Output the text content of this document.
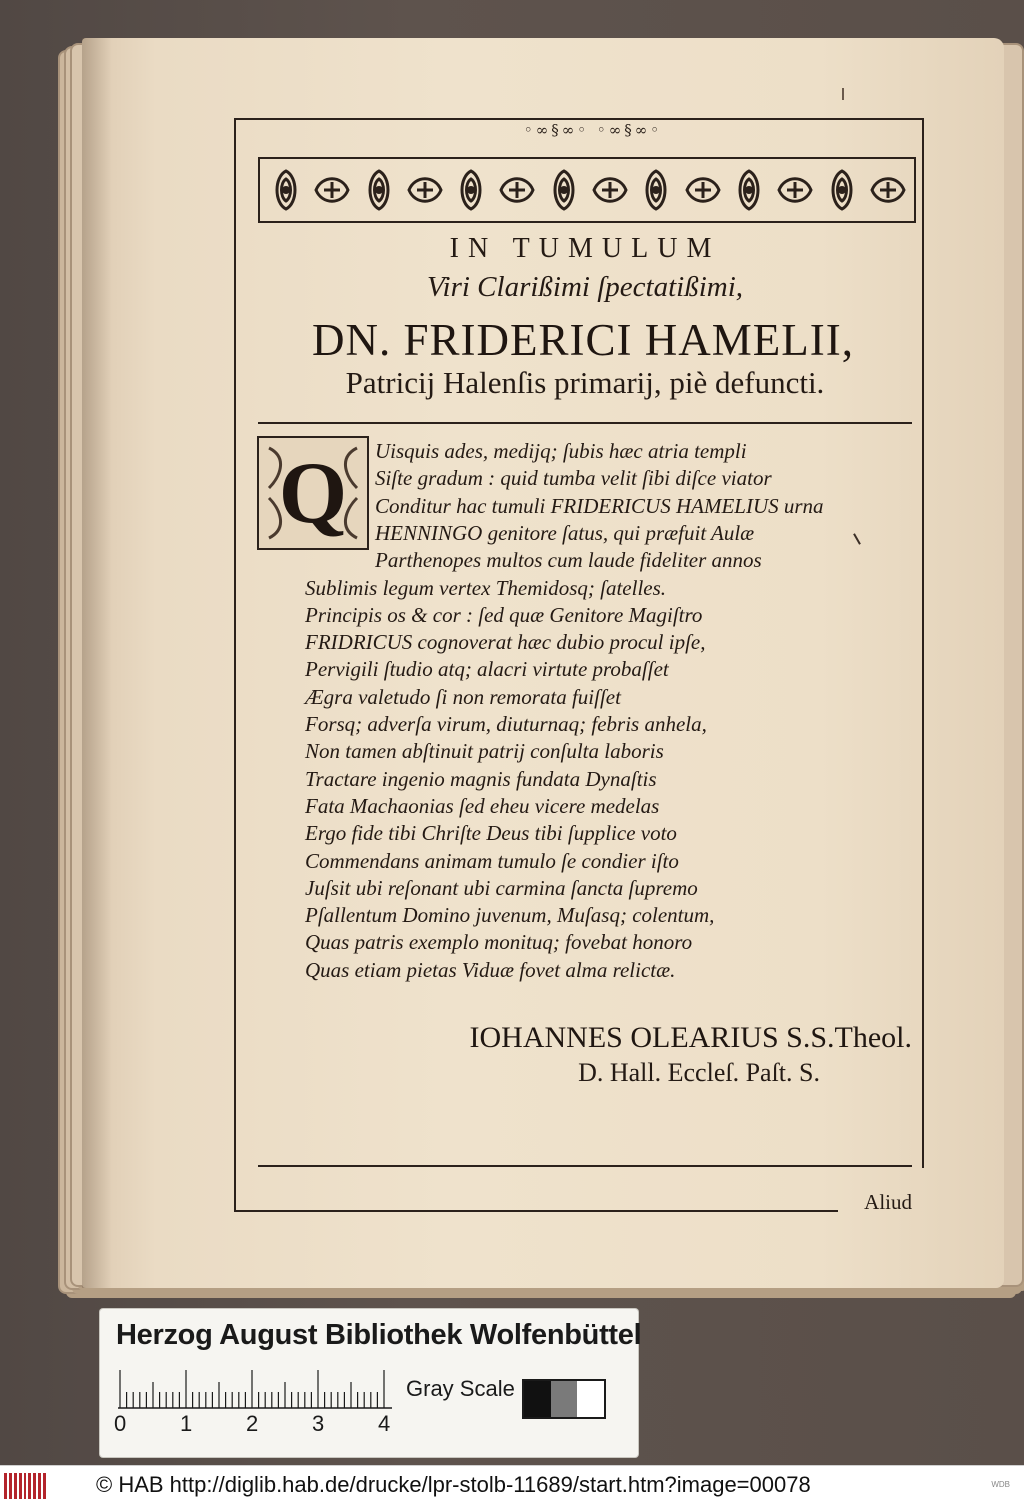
◦∞§∞◦ ◦∞§∞◦
IN TUMULUM
Viri Clarißimi ſpectatißimi,
DN. FRIDERICI HAMELII,
Patricij Halenſis primarij, piè defuncti.
Q	Uisquis ades, medijq; ſubis hæc atria templi
Siſte gradum : quid tumba velit ſibi diſce viator
Conditur hac tumuli FRIDERICUS HAMELIUS urna
HENNINGO genitore ſatus, qui præfuit Aulæ
Parthenopes multos cum laude fideliter annos
Sublimis legum vertex Themidosq; ſatelles.
Principis os & cor : ſed quæ Genitore Magiſtro
FRIDRICUS cognoverat hæc dubio procul ipſe,
Pervigili ſtudio atq; alacri virtute probaſſet
Ægra valetudo ſi non remorata fuiſſet
Forsq; adverſa virum, diuturnaq; febris anhela,
Non tamen abſtinuit patrij conſulta laboris
Tractare ingenio magnis fundata Dynaſtis
Fata Machaonias ſed eheu vicere medelas
Ergo fide tibi Chriſte Deus tibi ſupplice voto
Commendans animam tumulo ſe condier iſto
Juſsit ubi reſonant ubi carmina ſancta ſupremo
Pſallentum Domino juvenum, Muſasq; colentum,
Quas patris exemplo monituq; fovebat honoro
Quas etiam pietas Viduæ fovet alma relictæ.
IOHANNES OLEARIUS S.S.Theol.
D. Hall. Eccleſ. Paſt. S.
Aliud
Herzog August Bibliothek Wolfenbüttel
0 1 2 3 4
Gray Scale
© HAB http://diglib.hab.de/drucke/lpr-stolb-11689/start.htm?image=00078	WDB
